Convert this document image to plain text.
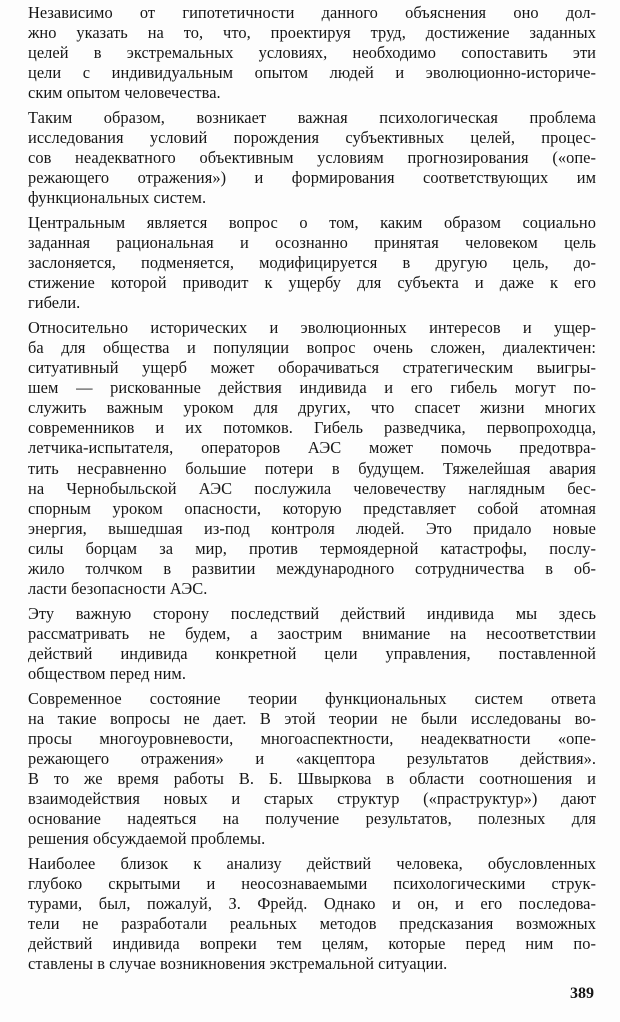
Независимо от гипотетичности данного объяснения оно дол-
жно указать на то, что, проектируя труд, достижение заданных
целей в экстремальных условиях, необходимо сопоставить эти
цели с индивидуальным опытом людей и эволюционно-историче-
ским опытом человечества.
Таким образом, возникает важная психологическая проблема
исследования условий порождения субъективных целей, процес-
сов неадекватного объективным условиям прогнозирования («опе-
режающего отражения») и формирования соответствующих им
функциональных систем.
Центральным является вопрос о том, каким образом социально
заданная рациональная и осознанно принятая человеком цель
заслоняется, подменяется, модифицируется в другую цель, до-
стижение которой приводит к ущербу для субъекта и даже к его
гибели.
Относительно исторических и эволюционных интересов и ущер-
ба для общества и популяции вопрос очень сложен, диалектичен:
ситуативный ущерб может оборачиваться стратегическим выигры-
шем — рискованные действия индивида и его гибель могут по-
служить важным уроком для других, что спасет жизни многих
современников и их потомков. Гибель разведчика, первопроходца,
летчика-испытателя, операторов АЭС может помочь предотвра-
тить несравненно большие потери в будущем. Тяжелейшая авария
на Чернобыльской АЭС послужила человечеству наглядным бес-
спорным уроком опасности, которую представляет собой атомная
энергия, вышедшая из-под контроля людей. Это придало новые
силы борцам за мир, против термоядерной катастрофы, послу-
жило толчком в развитии международного сотрудничества в об-
ласти безопасности АЭС.
Эту важную сторону последствий действий индивида мы здесь
рассматривать не будем, а заострим внимание на несоответствии
действий индивида конкретной цели управления, поставленной
обществом перед ним.
Современное состояние теории функциональных систем ответа
на такие вопросы не дает. В этой теории не были исследованы во-
просы многоуровневости, многоаспектности, неадекватности «опе-
режающего отражения» и «акцептора результатов действия».
В то же время работы В. Б. Швыркова в области соотношения и
взаимодействия новых и старых структур («праструктур») дают
основание надеяться на получение результатов, полезных для
решения обсуждаемой проблемы.
Наиболее близок к анализу действий человека, обусловленных
глубоко скрытыми и неосознаваемыми психологическими струк-
турами, был, пожалуй, З. Фрейд. Однако и он, и его последова-
тели не разработали реальных методов предсказания возможных
действий индивида вопреки тем целям, которые перед ним по-
ставлены в случае возникновения экстремальной ситуации.
389
